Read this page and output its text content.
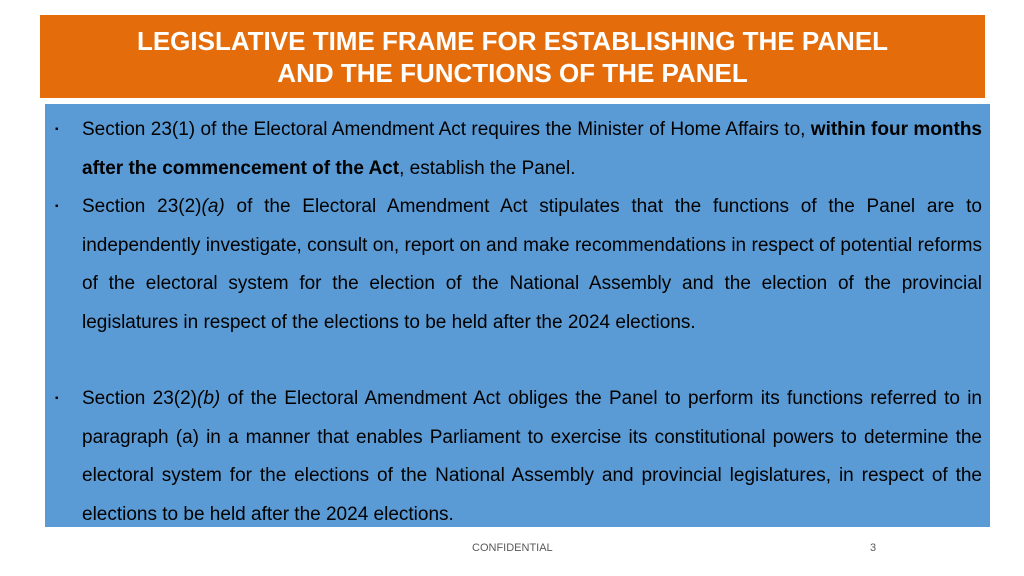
LEGISLATIVE TIME FRAME FOR ESTABLISHING THE PANEL
AND THE FUNCTIONS OF THE PANEL
▪ Section 23(1) of the Electoral Amendment Act requires the Minister of Home Affairs to, within four months after the commencement of the Act, establish the Panel.
▪ Section 23(2)(a) of the Electoral Amendment Act stipulates that the functions of the Panel are to independently investigate, consult on, report on and make recommendations in respect of potential reforms of the electoral system for the election of the National Assembly and the election of the provincial legislatures in respect of the elections to be held after the 2024 elections.
▪ Section 23(2)(b) of the Electoral Amendment Act obliges the Panel to perform its functions referred to in paragraph (a) in a manner that enables Parliament to exercise its constitutional powers to determine the electoral system for the elections of the National Assembly and provincial legislatures, in respect of the elections to be held after the 2024 elections.
CONFIDENTIAL	3
